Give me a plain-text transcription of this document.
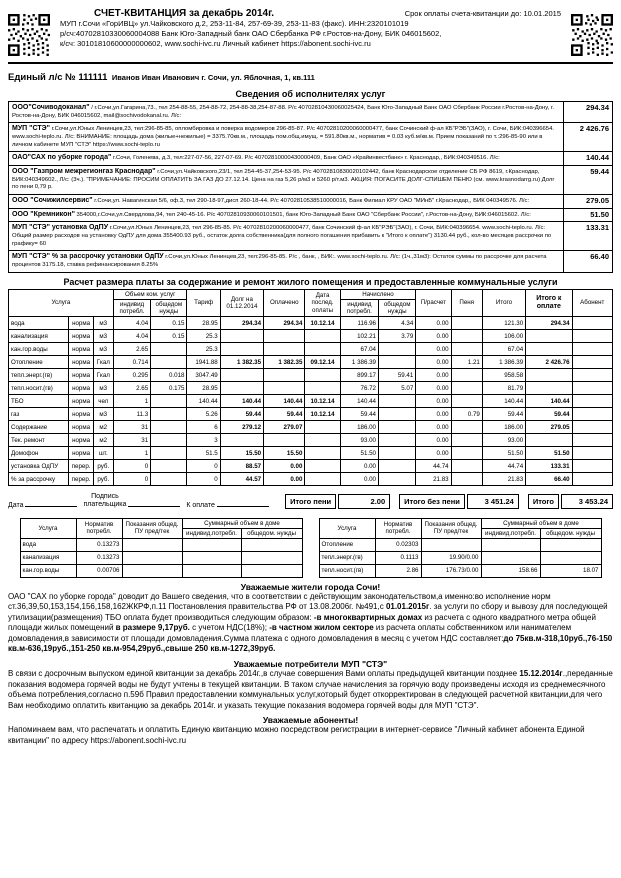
СЧЕТ-КВИТАНЦИЯ за декабрь 2014г.	Срок оплаты счета-квитанции до: 10.01.2015
МУП г.Сочи «ГорИВЦ» ул.Чайковского д.2, 253-11-84, 257-69-39, 253-11-83 (факс). ИНН:2320101019
р/сч:40702810330060004088 Банк Юго-Западный банк ОАО Сбербанка РФ г.Ростов-на-Дону, БИК 046015602,
к/сч: 30101810600000000602, www.sochi-ivc.ru Личный кабинет https://abonent.sochi-ivc.ru
Единый л/с № 111111 Иванов Иван Иванович г. Сочи, ул. Яблочная, 1, кв.111
Сведения об исполнителях услуг
ООО"Сочиводоканал" / г.Сочи,ул.Гагарина,73., тел 254-88-55, 254-88-72, 254-88-38,254-87-88. Р/с 40702810430060025424, Банк Юго-Западный Банк ОАО Сбербанк России г.Ростов-на-Дону, г. Ростов-на-Дону, БИК 046015602, mail@sochivodokanal.ru. Л/с:
294.34
МУП "СТЭ" г.Сочи,ул.Юных Ленинцев,23, тел:296-85-85, опломбировка и поверка водомеров 296-85-87. Р/с 40702810200060000477, банк Сочинский ф-ал КБ"РЭБ"(ЗАО), г. Сочи, БИК:040396654. www.sochi-teplo.ru. Л/с: ВНИМАНИЕ: площадь дома (жилые+нежилые) = 3375.70кв.м., площадь пом.общ.имущ. = 591.80кв.м., норматив = 0.03 куб.м/кв.м. Прием показаний по т.:296-85-90 или в личном кабинете МУП "СТЭ" https://www.sochi-teplo.ru
2 426.76
ОАО"САХ по уборке города" г.Сочи, Голенева, д.3, тел:227-07-56, 227-07-69. Р/с 40702810000430000409, Банк ОАО «Крайинвестбанк» г. Краснодар,, БИК:040349516. Л/с:	140.44
ООО "Газпром межрегионгаз Краснодар" г.Сочи,ул.Чайковского,23/1, тел 254-45-37,254-53-95. Р/с 40702810830020102442, банк Краснодарское отделение СБ РФ 8619, г.Краснодар, БИК:040349602., Л/с: (3ч.). "ПРИМЕЧАНИЕ: ПРОСИМ ОПЛАТИТЬ ЗА ГАЗ ДО 27.12.14. Цена на газ 5,26 р/м3 и 5260 р/т.м3. АКЦИЯ: ПОГАСИТЕ ДОЛГ-СПИШЕМ ПЕНЮ (см. www.krasnodarrg.ru) Долг по пени 0,79 р.
59.44
ООО "Сочижилсервис" г.Сочи,ул. Навагинская 5/6, оф.3, тел 290-18-97,дисп 260-18-44. Р/с 40702810538510000016, Банк Филиал КРУ ОАО "МИнБ" г.Краснодар,, БИК 040349576. Л/с:	279.05
ООО "Кремникон" 354000,г.Сочи,ул.Свердлова,94, тел 240-45-16. Р/с 40702810930060101501, банк Юго-Западный Банк ОАО "Сбербанк России", г.Ростов-на-Дону, БИК:046015602. Л/с:	51.50
МУП "СТЭ" установка ОдПУ г.Сочи,ул.Юных Ленинцев,23, тел 296-85-85. Р/с 40702810200060000477, банк Сочинский ф-ал КБ"РЭБ"(ЗАО), г. Сочи, БИК:040396654. www.sochi-teplo.ru. Л/с: Общий размер расходов на установку ОдПУ для дома 355400.93 руб., остаток долга собственника(для полного погашения прибавить к "Итого к оплате") 3130.44 руб., кол-во месяцев рассрочки по графику= 60
133.31
МУП "СТЭ" % за рассрочку установки ОдПУ г.Сочи,ул.Юных Ленинцев,23, тел:296-85-85. Р/с , банк, , БИК:. www.sochi-teplo.ru. Л/с: (1ч.,31м3): Остаток суммы по рассрочке для расчета процентов 3175.18, ставка рефинансирования 8.25%
66.40
Расчет размера платы за содержание и ремонт жилого помещения и предоставленные коммунальные услуги
Услуга			Объем ком. услуг		Тариф	Долг на 01.12.2014	Оплачено	Дата послед. оплаты	Начислено		П/расчет	Пеня	Итого	Итого к оплате	Абонент
			индивид потребл.	общедом нужды					индивид потребл.	общедом нужды					
вода	норма	м3	4.04	0.15	28.95	294.34	294.34	10.12.14	116.96	4.34	0.00		121.30	294.34	
канализация	норма	м3	4.04	0.15	25.3				102.21	3.79	0.00		106.00		
кан.гор.воды	норма	м3	2.65		25.3				67.04		0.00		67.04		
Отопление	норма	Гкал	0.714		1941.88	1 382.35	1 382.35	09.12.14	1 386.39		0.00	1.21	1 386.39	2 426.76	
тепл.энерг.(гв)	норма	Гкал	0.295	0.018	3047.49				899.17	59.41	0.00		958.58		
тепл.носит.(гв)	норма	м3	2.65	0.175	28.95				76.72	5.07	0.00		81.79		
ТБО	норма	чел	1		140.44	140.44	140.44	10.12.14	140.44		0.00		140.44	140.44	
газ	норма	м3	11.3		5.26	59.44	59.44	10.12.14	59.44		0.00	0.79	59.44	59.44	
Содержание	норма	м2	31		6	279.12	279.07		186.00		0.00		186.00	279.05	
Тек. ремонт	норма	м2	31		3				93.00		0.00		93.00		
Домофон	норма	шт.	1		51.5	15.50	15.50		51.50		0.00		51.50	51.50	
установка ОдПУ	перер.	руб.	0		0	88.57	0.00		0.00		44.74		44.74	133.31	
% за рассрочку	перер.	руб.	0		0	44.57	0.00		0.00		21.83		21.83	66.40	
Дата
Подпись
плательщика	К оплате	Итого пени	2.00	Итого без пени	3 451.24	Итого	3 453.24
Услуга	Норматив потребл.	Показания общед. ПУ пред/тек	Суммарный объем в доме	
			индивид.потребл.	общедом. нужды
вода	0.13273			
канализация	0.13273			
кан.гор.воды	0.00706			
Услуга	Норматив потребл.	Показания общед. ПУ пред/тек	Суммарный объем в доме	
			индивид.потребл.	общедом. нужды
Отопление	0.02303			
тепл.энерг.(гв)	0.1113	19.90/0.00		
тепл.носит.(гв)	2.86	176.73/0.00	158.66	18.07
Уважаемые жители города Сочи!
ОАО "САХ по уборке города" доводит до Вашего сведения, что в соответствии с действующим законодательством,а именно:во исполнение норм ст.36,39,50,153,154,156,158,162ЖКРФ,п.11 Постановления правительства РФ от 13.08.2006г. №491,с 01.01.2015г. за услуги по сбору и вывозу для последующей утилизации(размещения) ТБО оплата будет производиться следующим образом: -в многоквартирных домах из расчета с одного квадратного метра общей площади жилых помещений в размере 9,17руб. с учетом НДС(18%); -в частном жилом секторе из расчета оплаты собственником или нанимателем домовладения,в зависимости от площади домовладения.Сумма платежа с одного домовладения в месяц с учетом НДС составляет:до 75кв.м-318,10руб.,76-150 кв.м-636,19руб.,151-250 кв.м-954,29руб.,свыше 250 кв.м-1272,39руб.
Уважаемые потребители МУП "СТЭ"
В связи с досрочным выпуском единой квитанции за декабрь 2014г.,в случае совершения Вами оплаты предыдущей квитанции позднее 15.12.2014г.,переданные показания водомера горячей воды не будут учтены в текущей квитанции. В таком случае начисления за горячую воду произведены исходя из среднемесячного объема потребления,согласно п.59б Правил предоставлении коммунальных услуг,который будет откорректирован в следующей расчетной квитанции,для чего Вам необходимо оплатить квитанцию за декабрь 2014г. и указать текущие показания водомера горячей воды для МУП "СТЭ".
Уважаемые абоненты!
Напоминаем вам, что распечатать и оплатить Единую квитанцию можно посредством регистрации в интернет-сервисе "Личный кабинет абонента Единой квитанции" по адресу https://abonent.sochi-ivc.ru
